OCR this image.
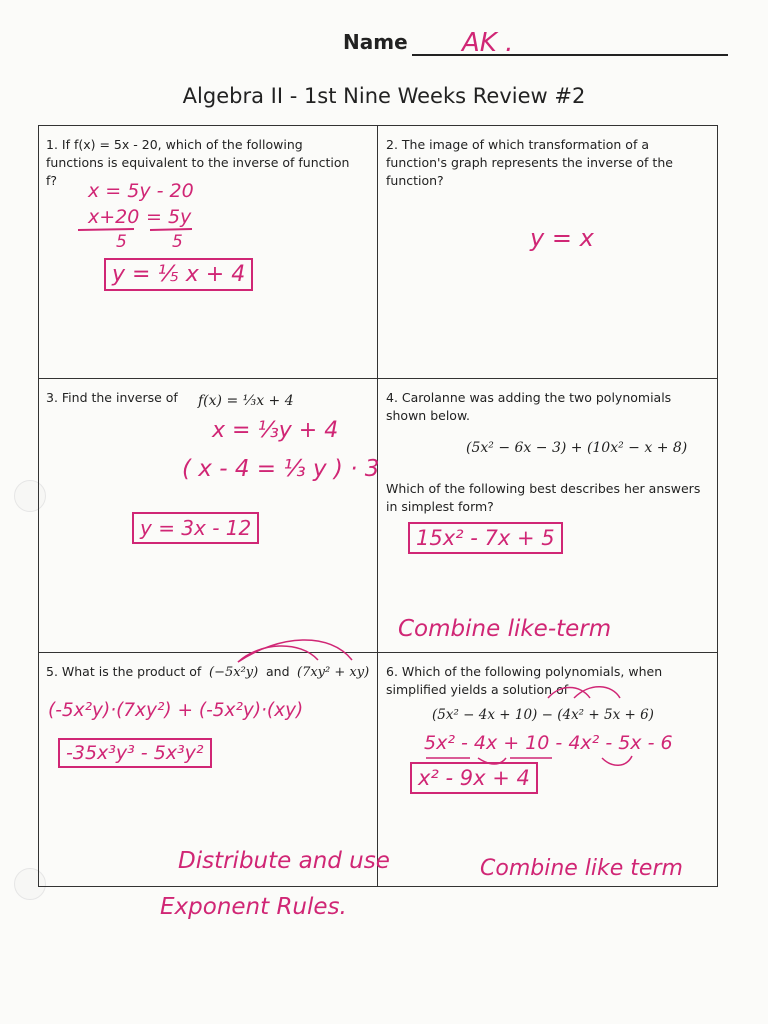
Name AK .
Algebra II - 1st Nine Weeks Review #2
1. If f(x) = 5x - 20, which of the following functions is equivalent to the inverse of function f?	x = 5y - 20
x+20 = 5y
5	5
y = ⅕ x + 4
2. The image of which transformation of a function's graph represents the inverse of the function?
y = x
3. Find the inverse of f(x) = ⅓x + 4
x = ⅓y + 4
( x - 4 = ⅓ y ) · 3
y = 3x - 12
4. Carolanne was adding the two polynomials shown below.
(5x² − 6x − 3) + (10x² − x + 8)
Which of the following best describes her answers in simplest form?
15x² - 7x + 5
Combine like-term
5. What is the product of (−5x²y) and (7xy² + xy)
(-5x²y)·(7xy²) + (-5x²y)·(xy)
-35x³y³ - 5x³y²
Distribute and use
Exponent Rules.
6. Which of the following polynomials, when simplified yields a solution of
(5x² − 4x + 10) − (4x² + 5x + 6)
5x² - 4x + 10 - 4x² - 5x - 6
x² - 9x + 4
Combine like term
